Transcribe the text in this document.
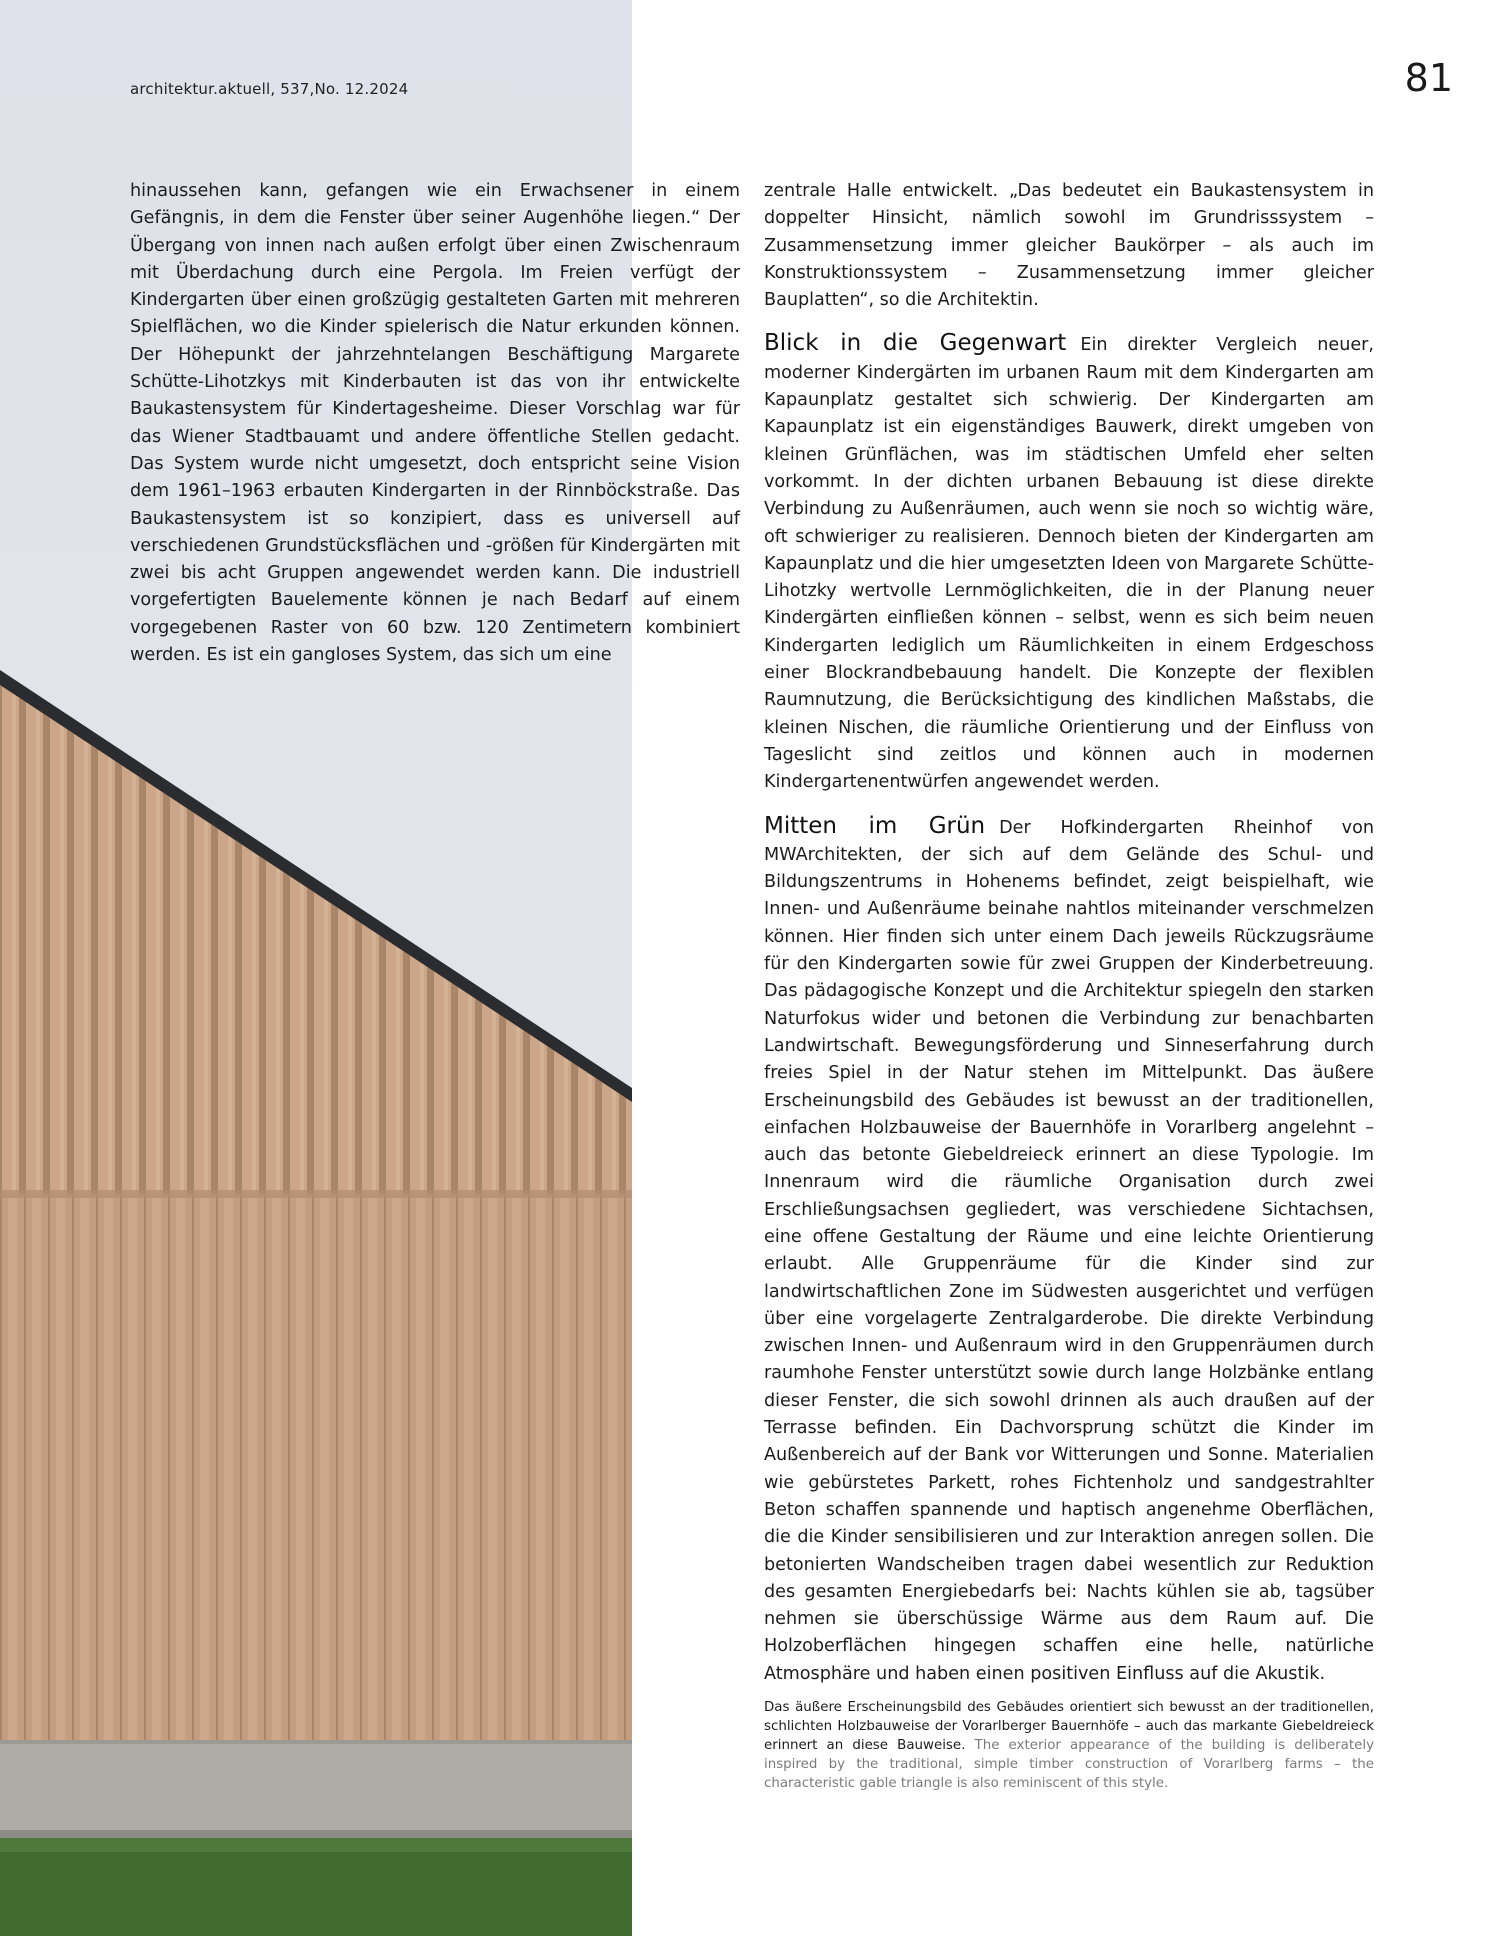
architektur.aktuell, 537,No. 12.2024	81

hinaussehen kann, gefangen wie ein Erwachsener in einem Gefängnis, in dem die Fenster über seiner Augenhöhe liegen.“ Der Übergang von innen nach außen erfolgt über einen Zwischenraum mit Überdachung durch eine Pergola. Im Freien verfügt der Kindergarten über einen großzügig gestalteten Garten mit mehreren Spielflächen, wo die Kinder spielerisch die Natur erkunden können. Der Höhepunkt der jahrzehntelangen Beschäftigung Margarete Schütte-Lihotzkys mit Kinderbauten ist das von ihr entwickelte Baukastensystem für Kindertagesheime. Dieser Vorschlag war für das Wiener Stadtbauamt und andere öffentliche Stellen gedacht. Das System wurde nicht umgesetzt, doch entspricht seine Vision dem 1961–1963 erbauten Kindergarten in der Rinnböckstraße. Das Baukastensystem ist so konzipiert, dass es universell auf verschiedenen Grundstücksflächen und -größen für Kindergärten mit zwei bis acht Gruppen angewendet werden kann. Die industriell vorgefertigten Bauelemente können je nach Bedarf auf einem vorgegebenen Raster von 60 bzw. 120 Zentimetern kombiniert werden. Es ist ein gangloses System, das sich um eine

zentrale Halle entwickelt. „Das bedeutet ein Baukastensystem in doppelter Hinsicht, nämlich sowohl im Grundrisssystem – Zusammensetzung immer gleicher Baukörper – als auch im Konstruktionssystem – Zusammensetzung immer gleicher Bauplatten“, so die Architektin.

Blick in die Gegenwart Ein direkter Vergleich neuer, moderner Kindergärten im urbanen Raum mit dem Kindergarten am Kapaunplatz gestaltet sich schwierig. Der Kindergarten am Kapaunplatz ist ein eigenständiges Bauwerk, direkt umgeben von kleinen Grünflächen, was im städtischen Umfeld eher selten vorkommt. In der dichten urbanen Bebauung ist diese direkte Verbindung zu Außenräumen, auch wenn sie noch so wichtig wäre, oft schwieriger zu realisieren. Dennoch bieten der Kindergarten am Kapaunplatz und die hier umgesetzten Ideen von Margarete Schütte-Lihotzky wertvolle Lernmöglichkeiten, die in der Planung neuer Kindergärten einfließen können – selbst, wenn es sich beim neuen Kindergarten lediglich um Räumlichkeiten in einem Erdgeschoss einer Blockrandbebauung handelt. Die Konzepte der flexiblen Raumnutzung, die Berücksichtigung des kindlichen Maßstabs, die kleinen Nischen, die räumliche Orientierung und der Einfluss von Tageslicht sind zeitlos und können auch in modernen Kindergartenentwürfen angewendet werden.

Mitten im Grün Der Hofkindergarten Rheinhof von MWArchitekten, der sich auf dem Gelände des Schul- und Bildungszentrums in Hohenems befindet, zeigt beispielhaft, wie Innen- und Außenräume beinahe nahtlos miteinander verschmelzen können. Hier finden sich unter einem Dach jeweils Rückzugsräume für den Kindergarten sowie für zwei Gruppen der Kinderbetreuung. Das pädagogische Konzept und die Architektur spiegeln den starken Naturfokus wider und betonen die Verbindung zur benachbarten Landwirtschaft. Bewegungsförderung und Sinneserfahrung durch freies Spiel in der Natur stehen im Mittelpunkt. Das äußere Erscheinungsbild des Gebäudes ist bewusst an der traditionellen, einfachen Holzbauweise der Bauernhöfe in Vorarlberg angelehnt – auch das betonte Giebeldreieck erinnert an diese Typologie. Im Innenraum wird die räumliche Organisation durch zwei Erschließungsachsen gegliedert, was verschiedene Sichtachsen, eine offene Gestaltung der Räume und eine leichte Orientierung erlaubt. Alle Gruppenräume für die Kinder sind zur landwirtschaftlichen Zone im Südwesten ausgerichtet und verfügen über eine vorgelagerte Zentralgarderobe. Die direkte Verbindung zwischen Innen- und Außenraum wird in den Gruppenräumen durch raumhohe Fenster unterstützt sowie durch lange Holzbänke entlang dieser Fenster, die sich sowohl drinnen als auch draußen auf der Terrasse befinden. Ein Dachvorsprung schützt die Kinder im Außenbereich auf der Bank vor Witterungen und Sonne. Materialien wie gebürstetes Parkett, rohes Fichtenholz und sandgestrahlter Beton schaffen spannende und haptisch angenehme Oberflächen, die die Kinder sensibilisieren und zur Interaktion anregen sollen. Die betonierten Wandscheiben tragen dabei wesentlich zur Reduktion des gesamten Energiebedarfs bei: Nachts kühlen sie ab, tagsüber nehmen sie überschüssige Wärme aus dem Raum auf. Die Holzoberflächen hingegen schaffen eine helle, natürliche Atmosphäre und haben einen positiven Einfluss auf die Akustik.

Das äußere Erscheinungsbild des Gebäudes orientiert sich bewusst an der traditionellen, schlichten Holzbauweise der Vorarlberger Bauernhöfe – auch das markante Giebeldreieck erinnert an diese Bauweise. The exterior appearance of the building is deliberately inspired by the traditional, simple timber construction of Vorarlberg farms – the characteristic gable triangle is also reminiscent of this style.
